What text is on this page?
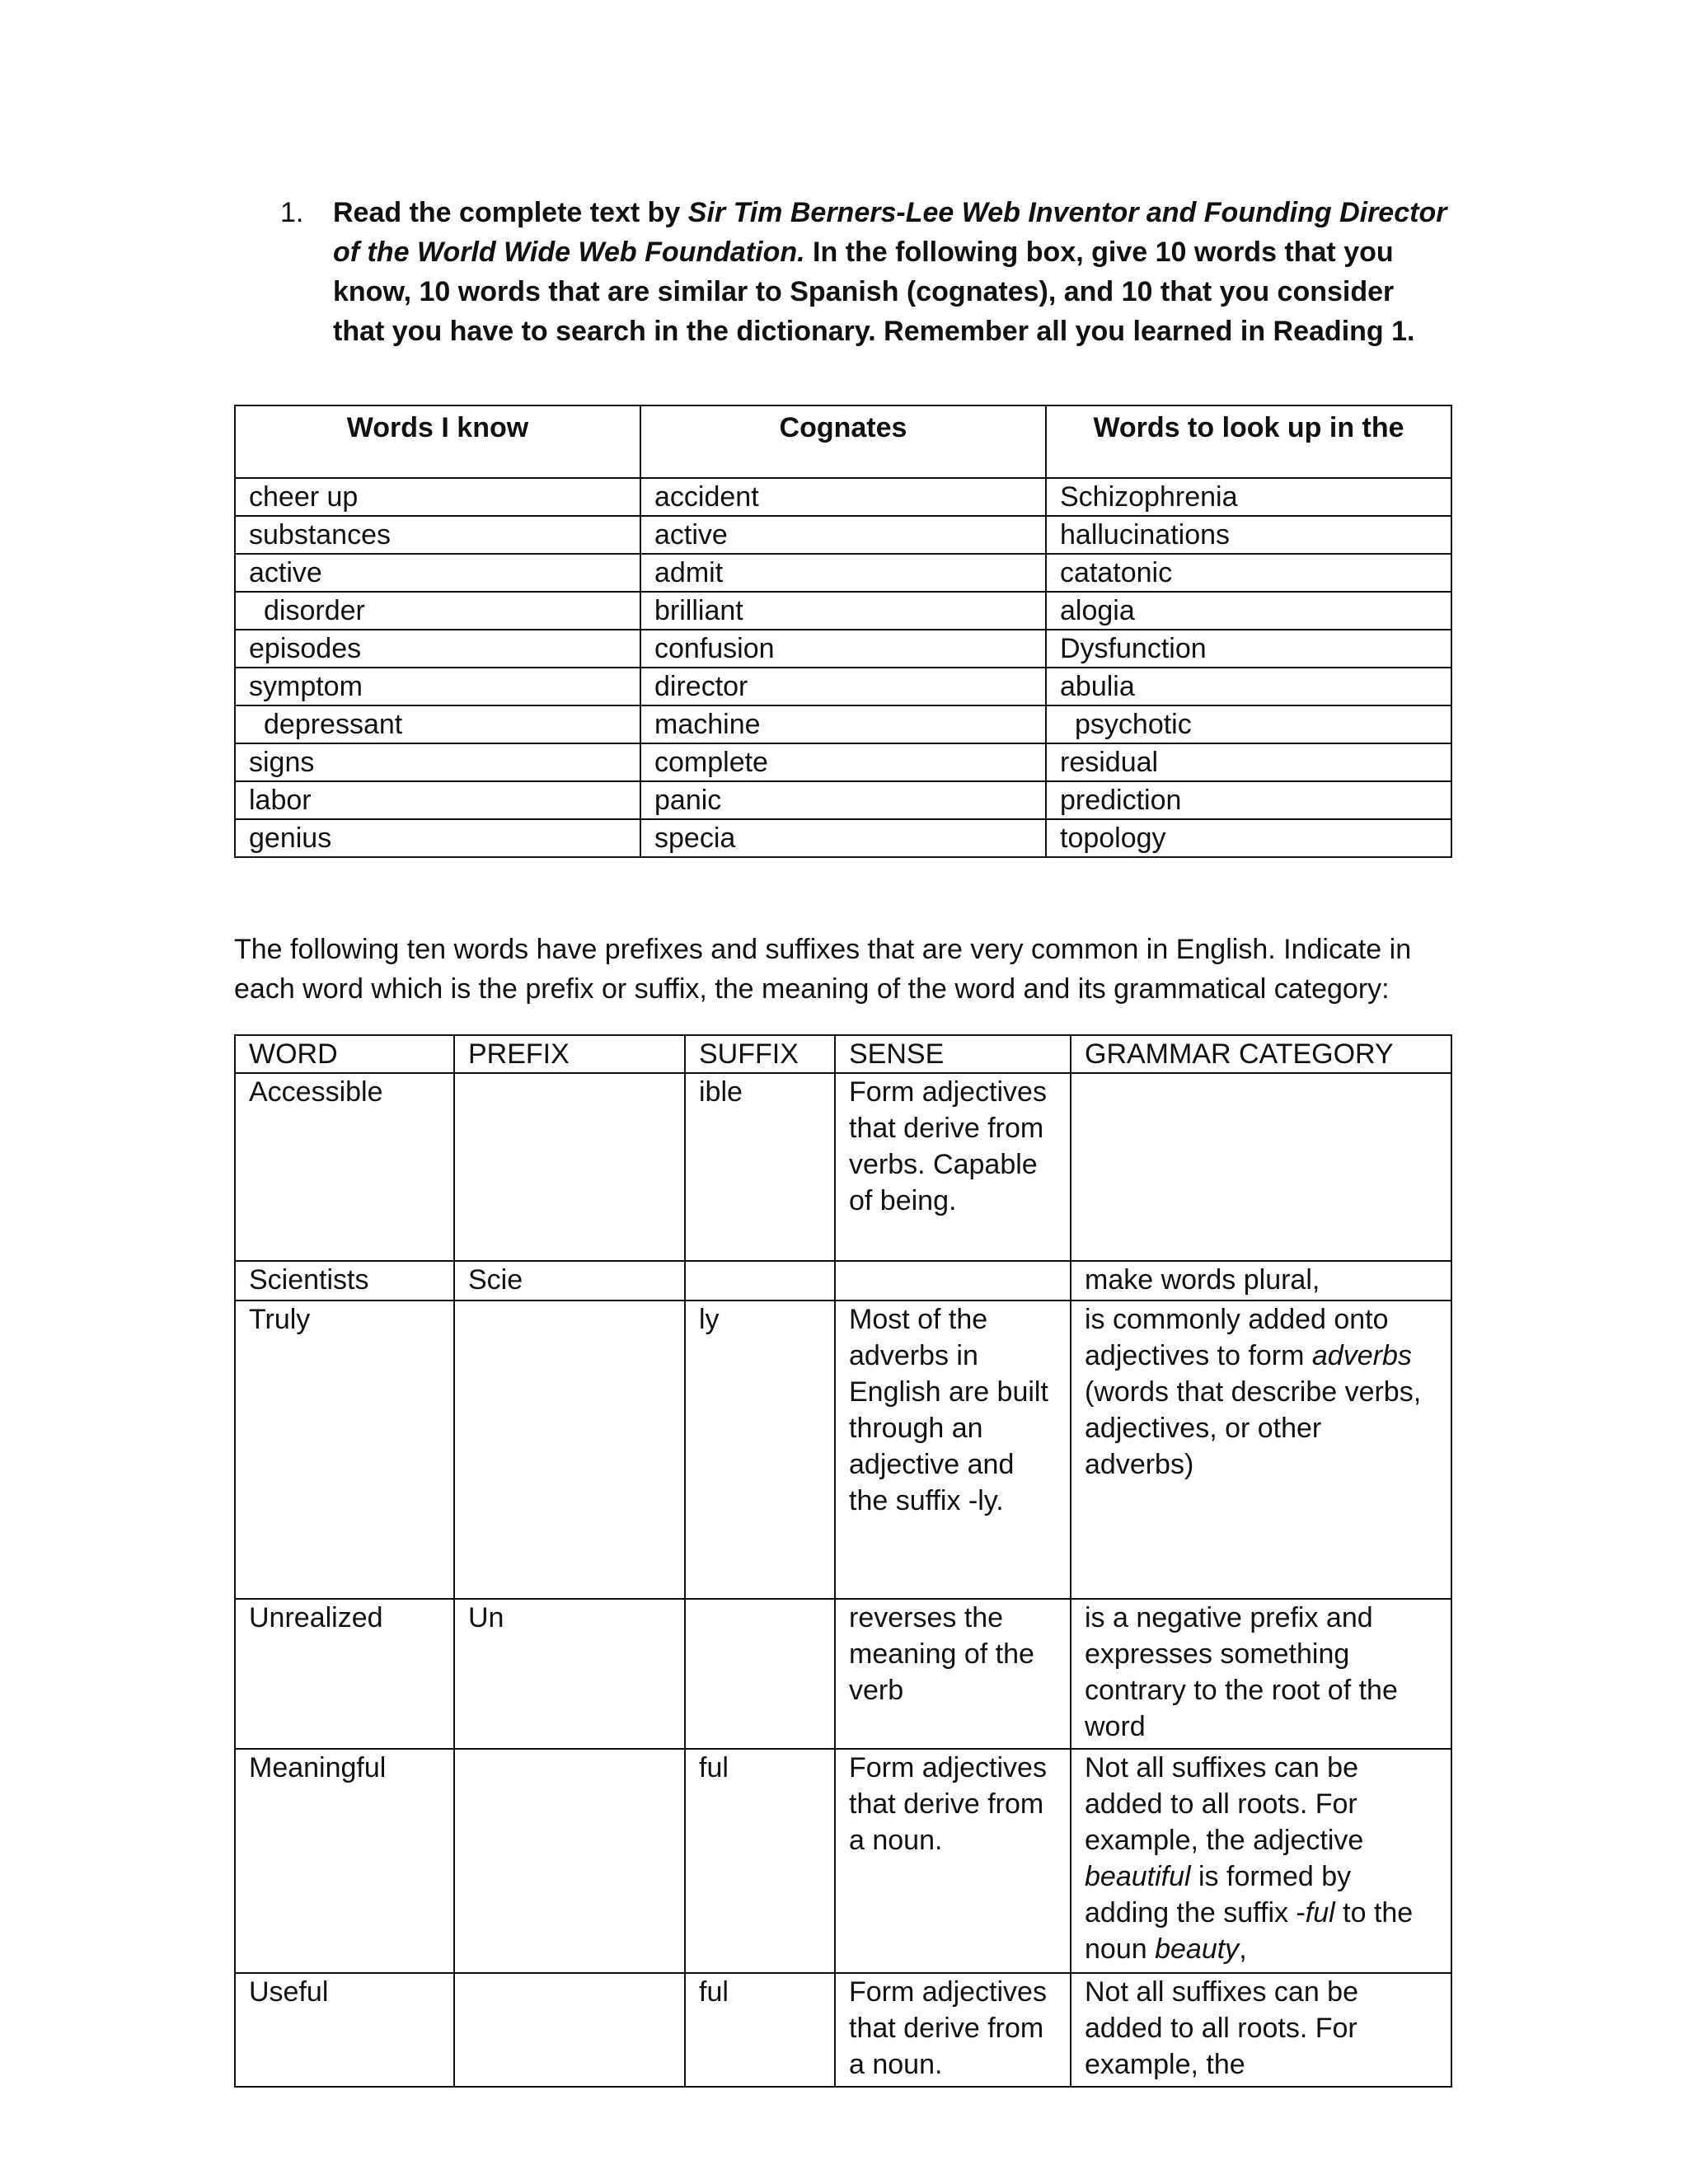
1. Read the complete text by Sir Tim Berners-Lee Web Inventor and Founding Director of the World Wide Web Foundation. In the following box, give 10 words that you know, 10 words that are similar to Spanish (cognates), and 10 that you consider that you have to search in the dictionary. Remember all you learned in Reading 1.
Words I know	Cognates	Words to look up in the
cheer up	accident	Schizophrenia
substances	active	hallucinations
active	admit	catatonic
disorder	brilliant	alogia
episodes	confusion	Dysfunction
symptom	director	abulia
depressant	machine	psychotic
signs	complete	residual
labor	panic	prediction
genius	specia	topology

The following ten words have prefixes and suffixes that are very common in English. Indicate in each word which is the prefix or suffix, the meaning of the word and its grammatical category:

WORD	PREFIX	SUFFIX	SENSE	GRAMMAR CATEGORY
Accessible		ible	Form adjectives that derive from verbs. Capable of being.	
Scientists	Scie			make words plural,
Truly		ly	Most of the adverbs in English are built through an adjective and the suffix -ly.	is commonly added onto adjectives to form adverbs (words that describe verbs, adjectives, or other adverbs)
Unrealized	Un		reverses the meaning of the verb	is a negative prefix and expresses something contrary to the root of the word
Meaningful		ful	Form adjectives that derive from a noun.	Not all suffixes can be added to all roots. For example, the adjective beautiful is formed by adding the suffix -ful to the noun beauty,
Useful		ful	Form adjectives that derive from a noun.	Not all suffixes can be added to all roots. For example, the
